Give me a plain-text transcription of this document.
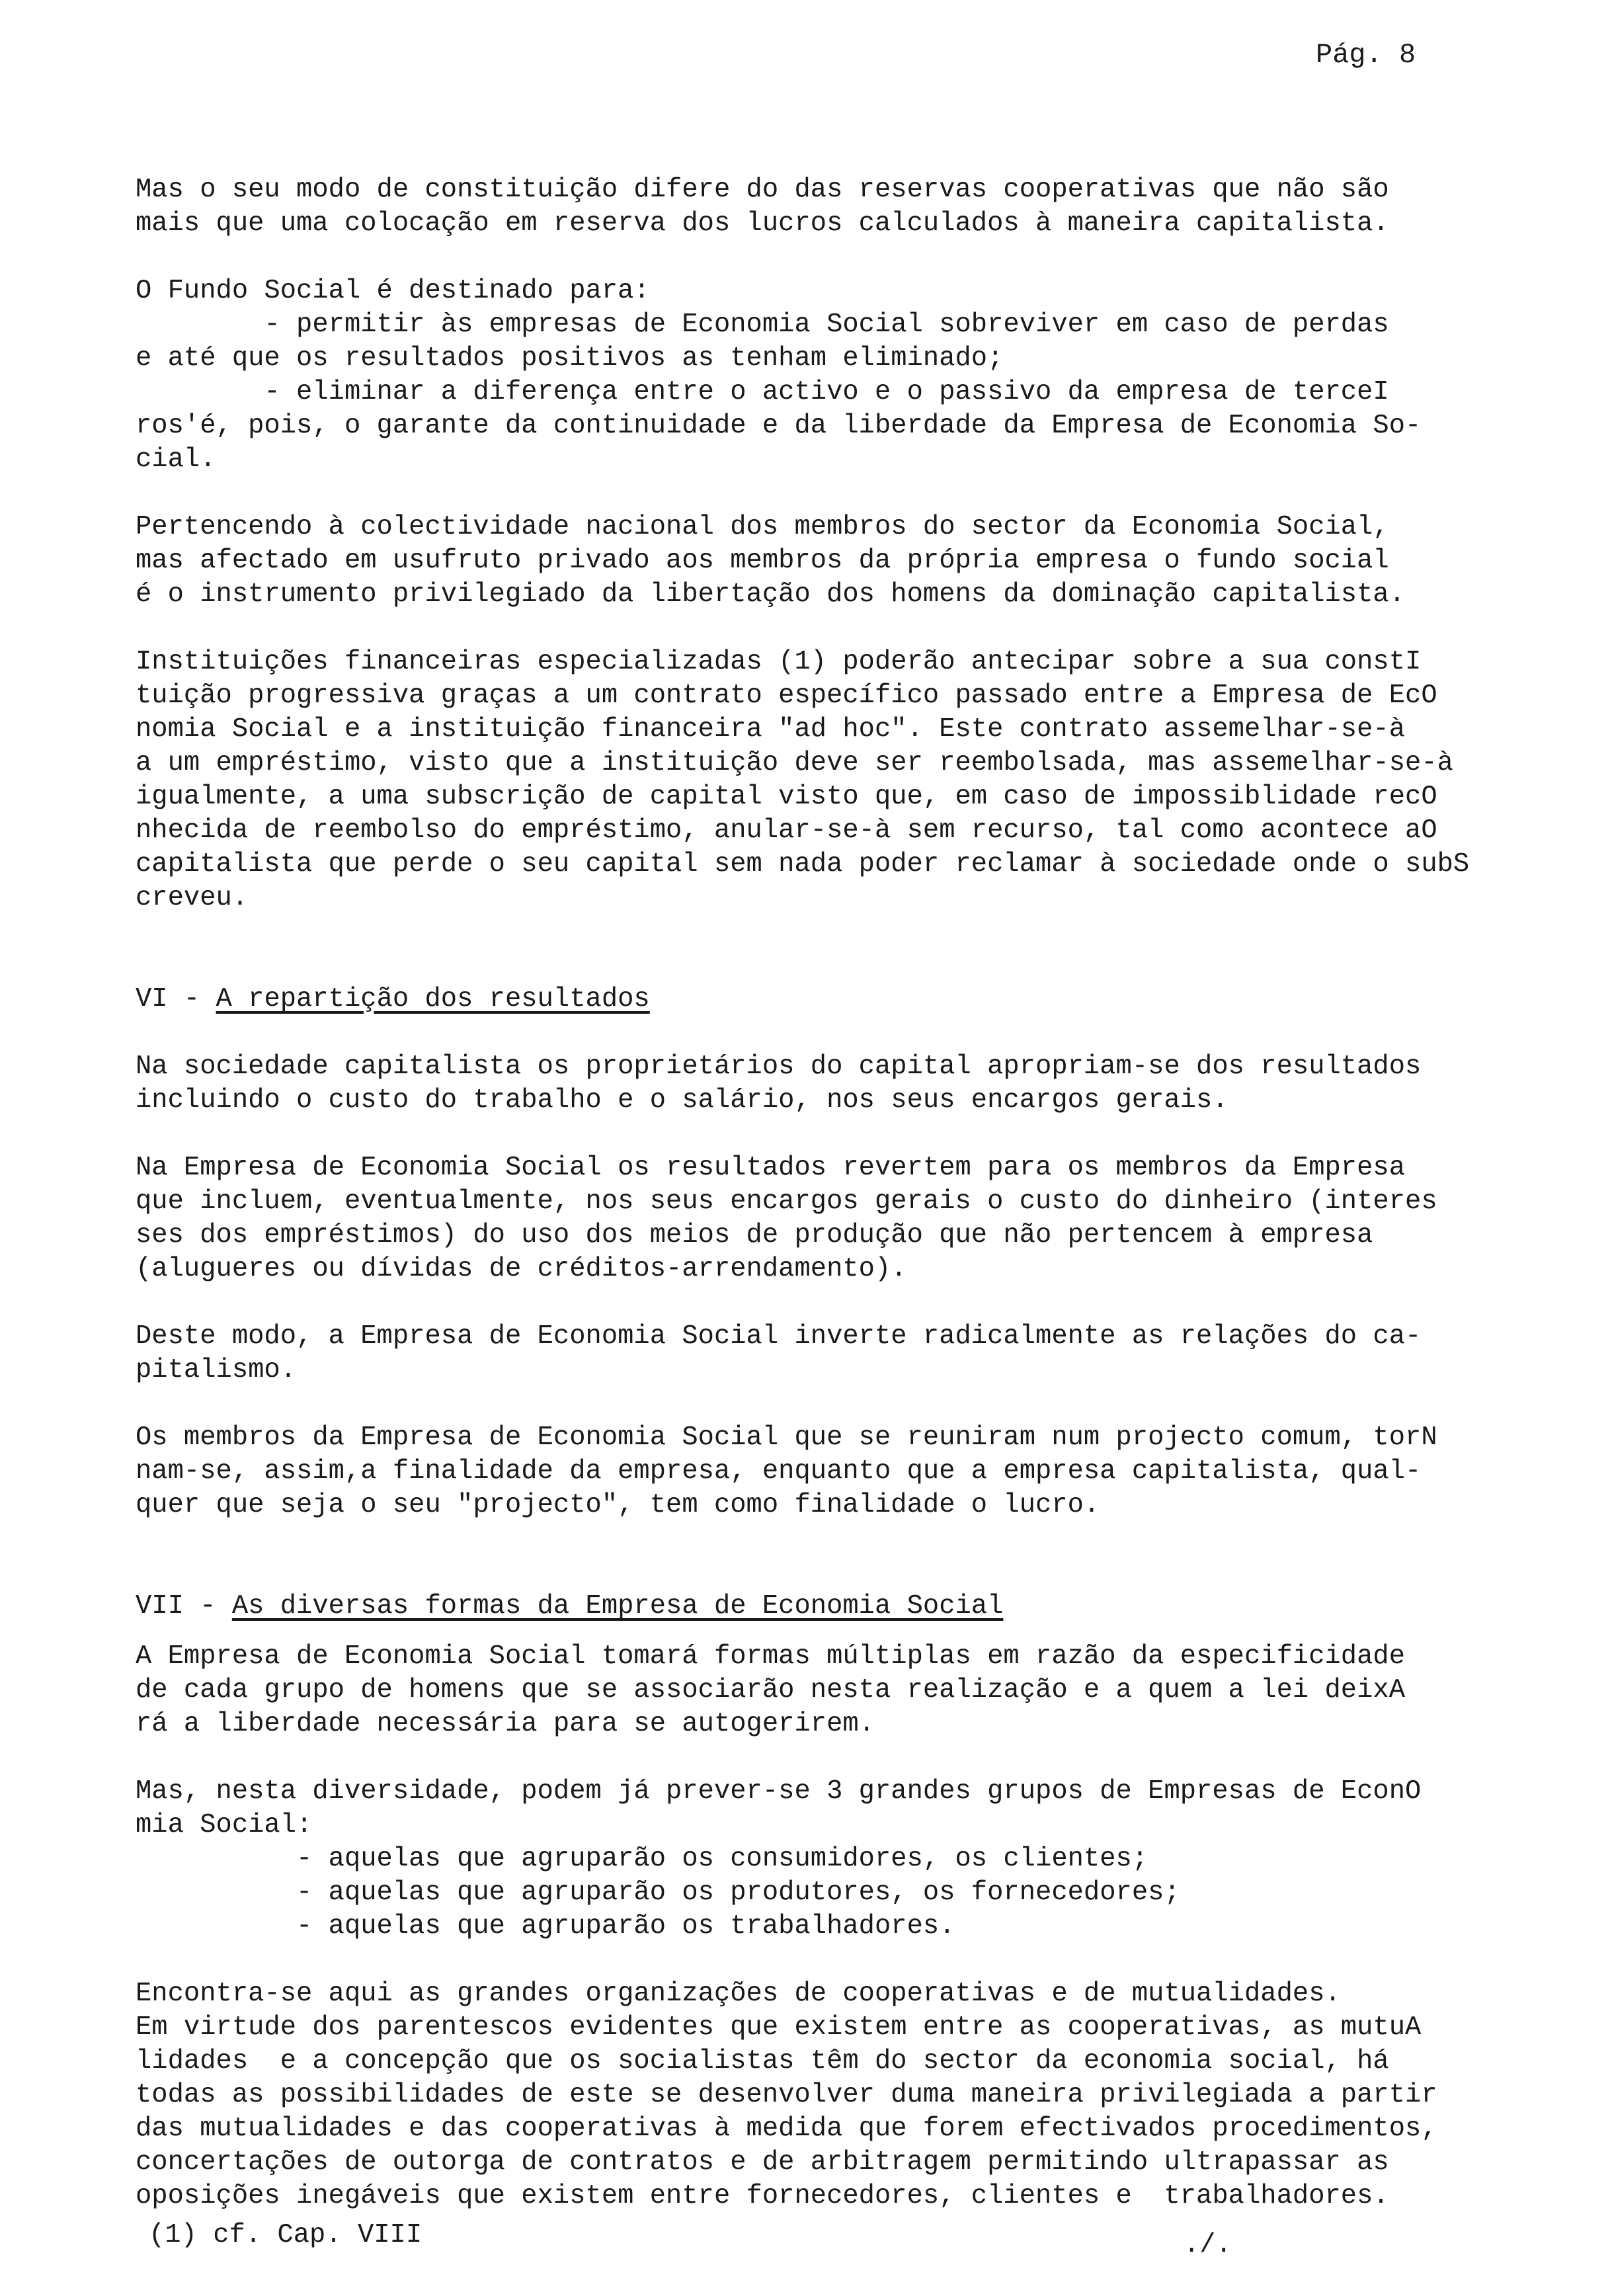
Pág. 8

Mas o seu modo de constituição difere do das reservas cooperativas que não são
mais que uma colocação em reserva dos lucros calculados à maneira capitalista.

O Fundo Social é destinado para:
- permitir às empresas de Economia Social sobreviver em caso de perdas
e até que os resultados positivos as tenham eliminado;
- eliminar a diferença entre o activo e o passivo da empresa de terceI
ros'é, pois, o garante da continuidade e da liberdade da Empresa de Economia So-
cial.

Pertencendo à colectividade nacional dos membros do sector da Economia Social,
mas afectado em usufruto privado aos membros da própria empresa o fundo social
é o instrumento privilegiado da libertação dos homens da dominação capitalista.

Instituições financeiras especializadas (1) poderão antecipar sobre a sua constI
tuição progressiva graças a um contrato específico passado entre a Empresa de EcO
nomia Social e a instituição financeira "ad hoc". Este contrato assemelhar-se-à
a um empréstimo, visto que a instituição deve ser reembolsada, mas assemelhar-se-à
igualmente, a uma subscrição de capital visto que, em caso de impossiblidade recO
nhecida de reembolso do empréstimo, anular-se-à sem recurso, tal como acontece aO
capitalista que perde o seu capital sem nada poder reclamar à sociedade onde o subS
creveu.

VI - A repartição dos resultados

Na sociedade capitalista os proprietários do capital apropriam-se dos resultados
incluindo o custo do trabalho e o salário, nos seus encargos gerais.

Na Empresa de Economia Social os resultados revertem para os membros da Empresa
que incluem, eventualmente, nos seus encargos gerais o custo do dinheiro (interes
ses dos empréstimos) do uso dos meios de produção que não pertencem à empresa
(alugueres ou dívidas de créditos-arrendamento).

Deste modo, a Empresa de Economia Social inverte radicalmente as relações do ca-
pitalismo.

Os membros da Empresa de Economia Social que se reuniram num projecto comum, torN
nam-se, assim,a finalidade da empresa, enquanto que a empresa capitalista, qual-
quer que seja o seu "projecto", tem como finalidade o lucro.

VII - As diversas formas da Empresa de Economia Social

A Empresa de Economia Social tomará formas múltiplas em razão da especificidade
de cada grupo de homens que se associarão nesta realização e a quem a lei deixA
rá a liberdade necessária para se autogerirem.

Mas, nesta diversidade, podem já prever-se 3 grandes grupos de Empresas de EconO
mia Social:
- aquelas que agruparão os consumidores, os clientes;
- aquelas que agruparão os produtores, os fornecedores;
- aquelas que agruparão os trabalhadores.

Encontra-se aqui as grandes organizações de cooperativas e de mutualidades.
Em virtude dos parentescos evidentes que existem entre as cooperativas, as mutuA
lidades  e a concepção que os socialistas têm do sector da economia social, há
todas as possibilidades de este se desenvolver duma maneira privilegiada a partir
das mutualidades e das cooperativas à medida que forem efectivados procedimentos,
concertações de outorga de contratos e de arbitragem permitindo ultrapassar as
oposições inegáveis que existem entre fornecedores, clientes e  trabalhadores.

(1) cf. Cap. VIII	./.
